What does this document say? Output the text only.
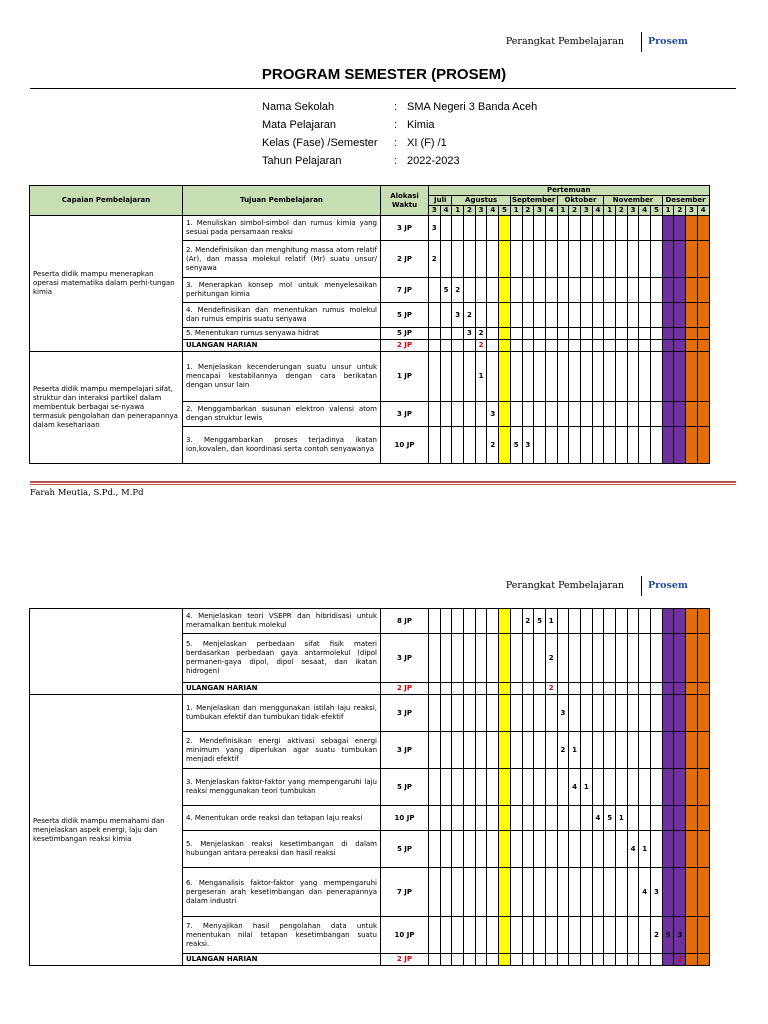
Perangkat Pembelajaran	Prosem
PROGRAM SEMESTER (PROSEM)
Nama Sekolah	: SMA Negeri 3 Banda Aceh
Mata Pelajaran	: Kimia
Kelas (Fase) /Semester : XI (F) /1
Tahun Pelajaran	: 2022-2023
Capaian Pembelajaran	Tujuan Pembelajaran	Alokasi Waktu	Pertemuan																							
			Juli		Agustus					September				Oktober				November					Desember			
			3	4	1	2	3	4	5	1	2	3	4	1	2	3	4	1	2	3	4	5	1	2	3	4
Peserta didik mampu menerapkan operasi matematika dalam perhi-tungan kimia	1. Menuliskan simbol-simbol dan rumus kimia yang sesuai pada persamaan reaksi	3 JP	3																							
	2. Mendefinisikan dan menghitung massa atom relatif (Ar), dan massa molekul relatif (Mr) suatu unsur/ senyawa	2 JP	2																							
	3. Menerapkan konsep mol untuk menyelesaikan perhitungan kimia	7 JP		5	2																					
	4. Mendefinisikan dan menentukan rumus molekul dan rumus empiris suatu senyawa	5 JP			3	2																				
	5. Menentukan rumus senyawa hidrat	5 JP				3	2																			
	ULANGAN HARIAN	2 JP					2																			
Peserta didik mampu mempelajari sifat, struktur dan interaksi partikel dalam membentuk berbagai se-nyawa termasuk pengolahan dan penerapannya dalam kesehariaan	1. Menjelaskan kecenderungan suatu unsur untuk mencapai kestabilannya dengan cara berikatan dengan unsur lain	1 JP					1																			
	2. Menggambarkan susunan elektron valensi atom dengan struktur lewis	3 JP						3																		
	3. Menggambarkan proses terjadinya ikatan ion,kovalen, dan koordinasi serta contoh senyawanya	10 JP						2		5	3															
Farah Meutia, S.Pd., M.Pd
Perangkat Pembelajaran	Prosem
	4. Menjelaskan teori VSEPR dan hibridisasi untuk meramalkan bentuk molekul	8 JP									2	5	1													
	5. Menjelaskan perbedaan sifat fisik materi berdasarkan perbedaan gaya antarmolekul (dipol permanen-gaya dipol, dipol sesaat, dan ikatan hidrogen)	3 JP											2													
	ULANGAN HARIAN	2 JP											2													
Peserta didik mampu memahami dan menjelaskan aspek energi, laju dan kesetimbangan reaksi kimia	1. Menjelaskan dan menggunakan istilah laju reaksi, tumbukan efektif dan tumbukan tidak efektif	3 JP												3												
	2. Mendefinisikan energi aktivasi sebagai energi minimum yang diperlukan agar suatu tumbukan menjadi efektif	3 JP												2	1											
	3. Menjelaskan faktor-faktor yang mempengaruhi laju reaksi menggunakan teori tumbukan	5 JP													4	1										
	4. Menentukan orde reaksi dan tetapan laju reaksi	10 JP															4	5	1							
	5. Menjelaskan reaksi kesetimbangan di dalam hubungan antara pereaksi dan hasil reaksi	5 JP																		4	1					
	6. Menganalisis faktor-faktor yang mempengaruhi pergeseran arah kesetimbangan dan penerapannya dalam industri	7 JP																			4	3				
	7. Menyajikan hasil pengolahan data untuk menentukan nilai tetapan kesetimbangan suatu reaksi.	10 JP																				2	5	3		
	ULANGAN HARIAN	2 JP																						2		
